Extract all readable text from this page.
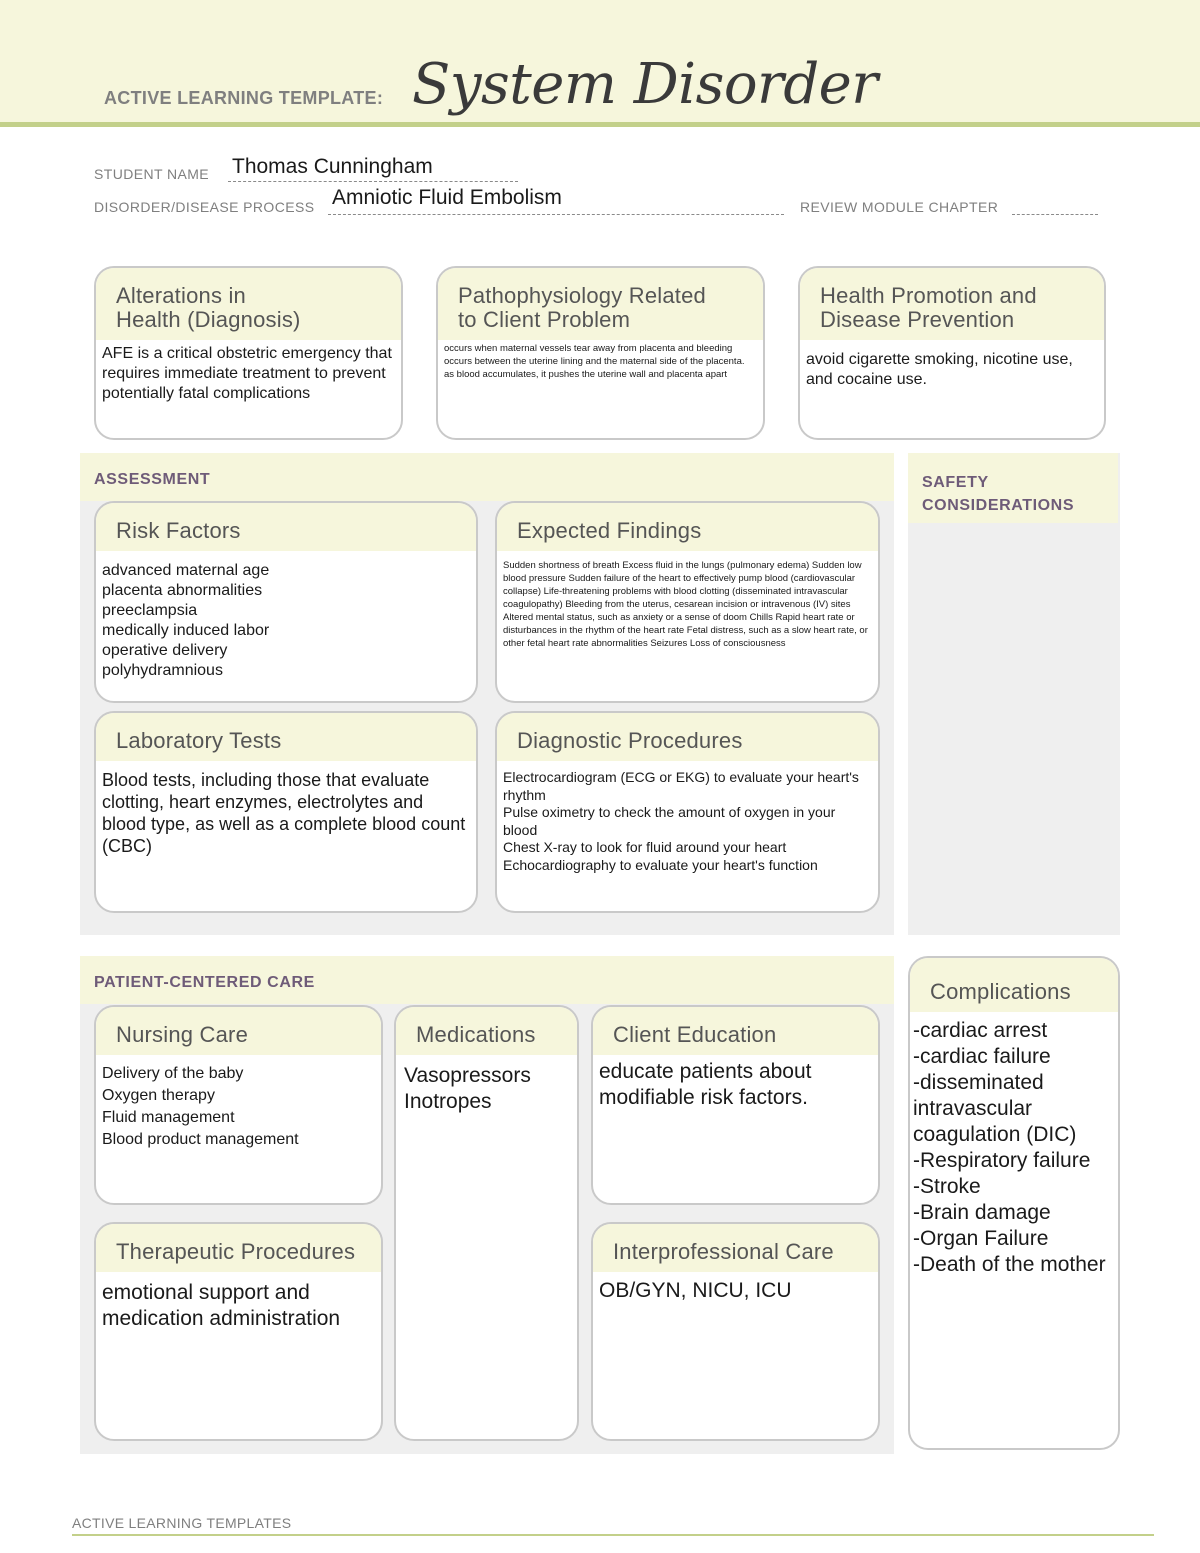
ACTIVE LEARNING TEMPLATE: System Disorder
STUDENT NAME Thomas Cunningham
DISORDER/DISEASE PROCESS Amniotic Fluid Embolism	REVIEW MODULE CHAPTER
Alterations in
Health (Diagnosis)
AFE is a critical obstetric emergency that requires immediate treatment to prevent potentially fatal complications
Pathophysiology Related
to Client Problem
occurs when maternal vessels tear away from placenta and bleeding occurs between the uterine lining and the maternal side of the placenta. as blood accumulates, it pushes the uterine wall and placenta apart
Health Promotion and
Disease Prevention
avoid cigarette smoking, nicotine use, and cocaine use.
ASSESSMENT
Risk Factors
advanced maternal age
placenta abnormalities
preeclampsia
medically induced labor
operative delivery
polyhydramnious
Expected Findings
Sudden shortness of breath Excess fluid in the lungs (pulmonary edema) Sudden low blood pressure Sudden failure of the heart to effectively pump blood (cardiovascular collapse) Life-threatening problems with blood clotting (disseminated intravascular coagulopathy) Bleeding from the uterus, cesarean incision or intravenous (IV) sites Altered mental status, such as anxiety or a sense of doom Chills Rapid heart rate or disturbances in the rhythm of the heart rate Fetal distress, such as a slow heart rate, or other fetal heart rate abnormalities Seizures Loss of consciousness
Laboratory Tests
Blood tests, including those that evaluate clotting, heart enzymes, electrolytes and blood type, as well as a complete blood count (CBC)
Diagnostic Procedures
Electrocardiogram (ECG or EKG) to evaluate your heart's rhythm
Pulse oximetry to check the amount of oxygen in your blood
Chest X-ray to look for fluid around your heart
Echocardiography to evaluate your heart's function
SAFETY
CONSIDERATIONS
PATIENT-CENTERED CARE
Nursing Care
Delivery of the baby
Oxygen therapy
Fluid management
Blood product management
Medications
Vasopressors
Inotropes
Client Education
educate patients about modifiable risk factors.
Therapeutic Procedures
emotional support and medication administration
Interprofessional Care
OB/GYN, NICU, ICU
Complications
-cardiac arrest
-cardiac failure
-disseminated intravascular coagulation (DIC)
-Respiratory failure
-Stroke
-Brain damage
-Organ Failure
-Death of the mother
ACTIVE LEARNING TEMPLATES
